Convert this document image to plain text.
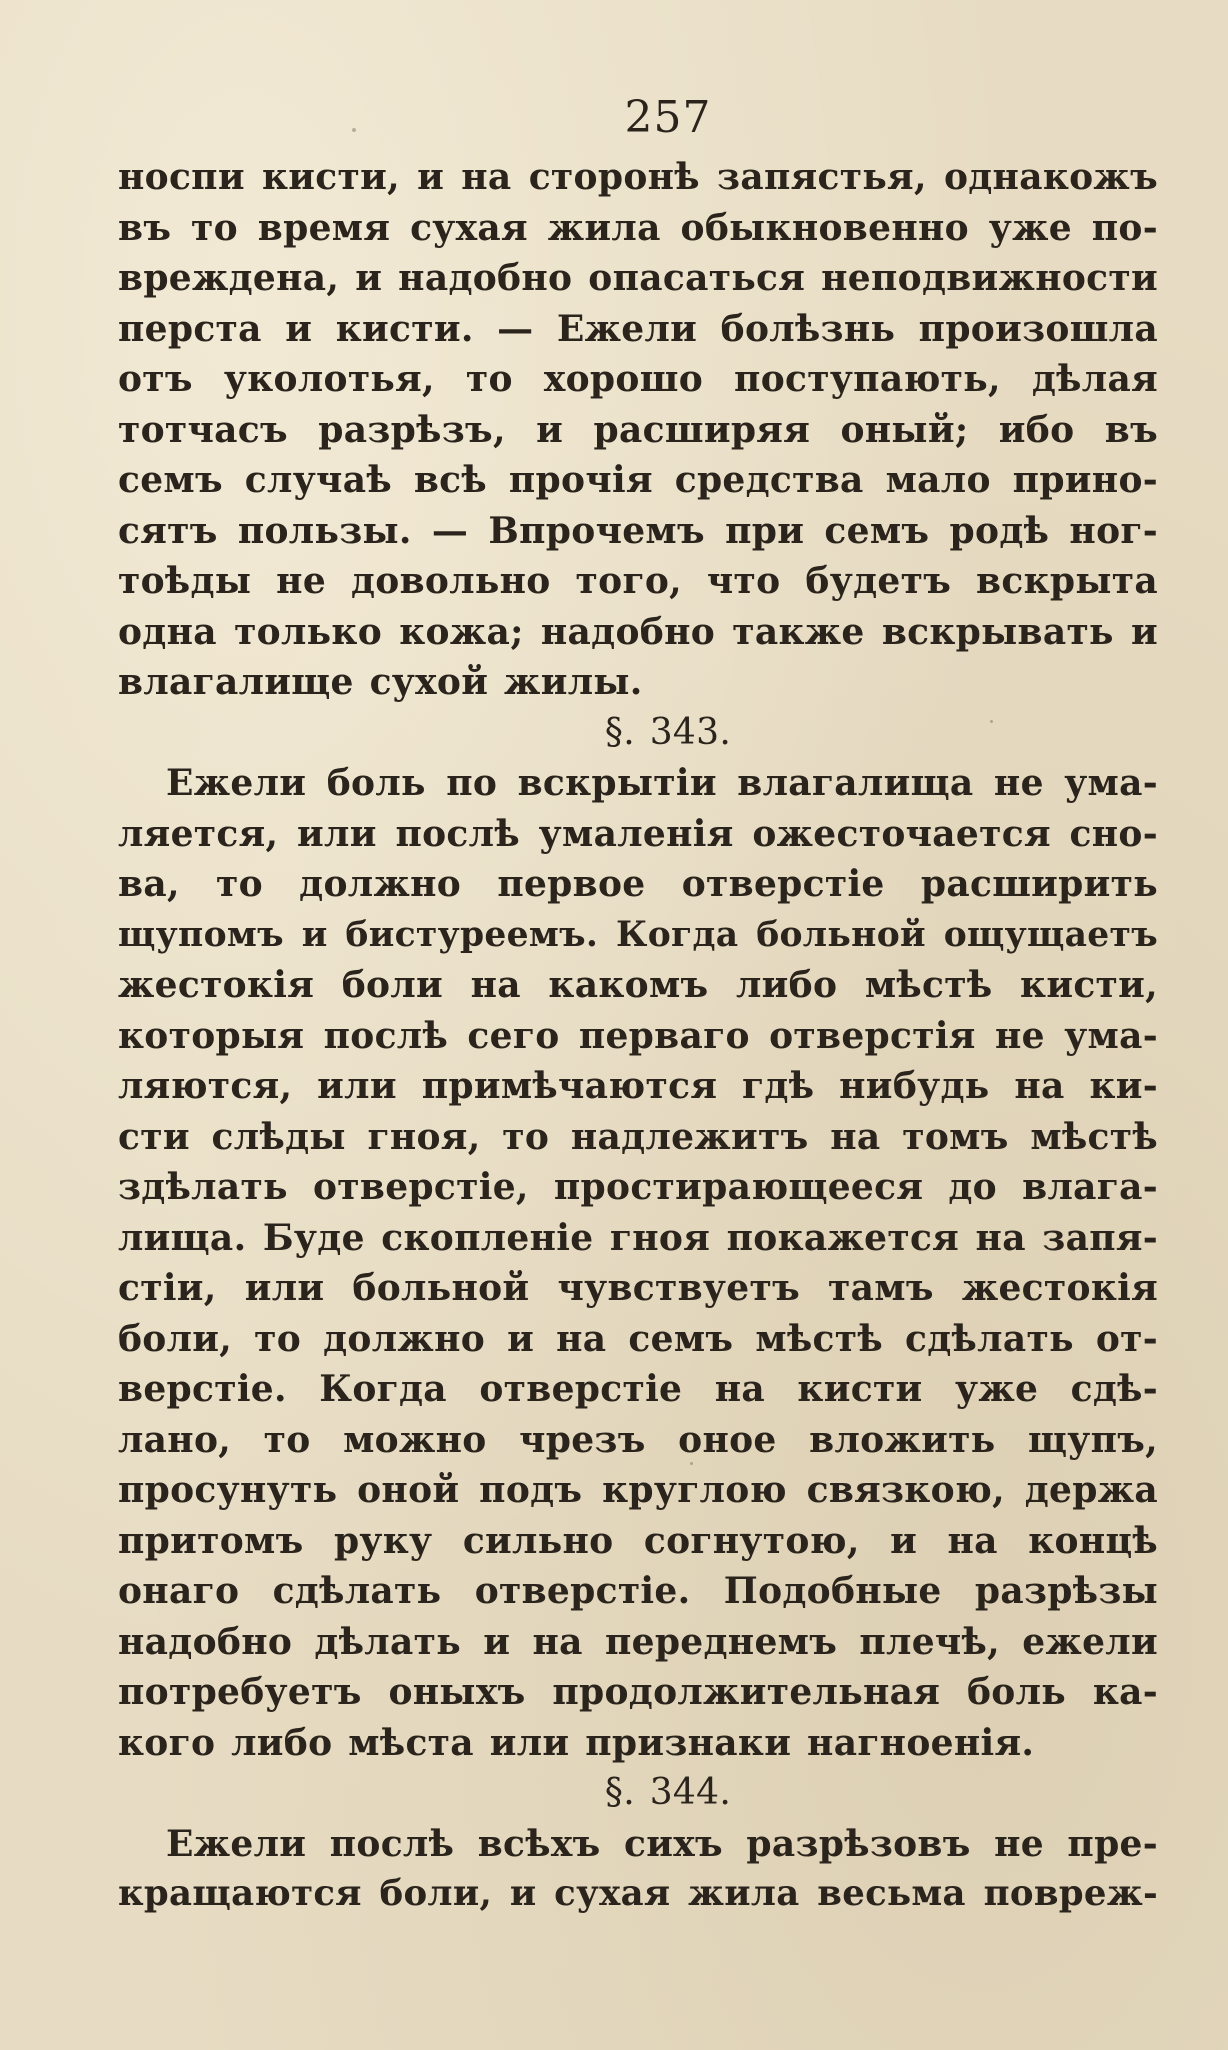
257
носпи кисти, и на сторонѣ запястья, однакожъ
въ то время сухая жила обыкновенно уже по-
вреждена, и надобно опасаться неподвижности
перста и кисти. — Ежели болѣзнь произошла
отъ уколотья, то хорошо поступають, дѣлая
тотчасъ разрѣзъ, и расширяя оный; ибо въ
семъ случаѣ всѣ прочія средства мало прино-
сятъ пользы. — Впрочемъ при семъ родѣ ног-
тоѣды не довольно того, что будетъ вскрыта
одна только кожа; надобно также вскрывать и
влагалище сухой жилы.
§. 343.
Ежели боль по вскрытіи влагалища не ума-
ляется, или послѣ умаленія ожесточается сно-
ва, то должно первое отверстіе расширить
щупомъ и бистуреемъ. Когда больной ощущаетъ
жестокія боли на какомъ либо мѣстѣ кисти,
которыя послѣ сего перваго отверстія не ума-
ляются, или примѣчаются гдѣ нибудь на ки-
сти слѣды гноя, то надлежитъ на томъ мѣстѣ
здѣлать отверстіе, простирающееся до влага-
лища. Буде скопленіе гноя покажется на запя-
стіи, или больной чувствуетъ тамъ жестокія
боли, то должно и на семъ мѣстѣ сдѣлать от-
верстіе. Когда отверстіе на кисти уже сдѣ-
лано, то можно чрезъ оное вложить щупъ,
просунуть оной подъ круглою связкою, держа
притомъ руку сильно согнутою, и на концѣ
онаго сдѣлать отверстіе. Подобные разрѣзы
надобно дѣлать и на переднемъ плечѣ, ежели
потребуетъ оныхъ продолжительная боль ка-
кого либо мѣста или признаки нагноенія.
§. 344.
Ежели послѣ всѣхъ сихъ разрѣзовъ не пре-
кращаются боли, и сухая жила весьма повреж-
